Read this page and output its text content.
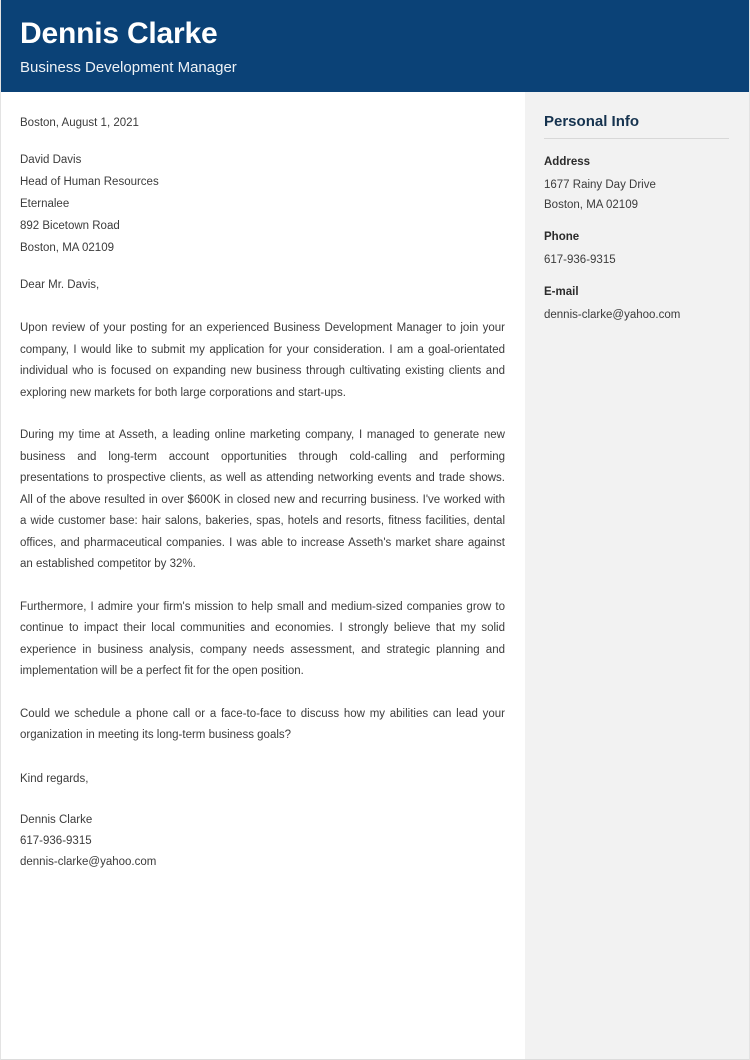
Dennis Clarke
Business Development Manager
Boston, August 1, 2021
David Davis
Head of Human Resources
Eternalee
892 Bicetown Road
Boston, MA 02109
Dear Mr. Davis,

Upon review of your posting for an experienced Business Development Manager to join your company, I would like to submit my application for your consideration. I am a goal-orientated individual who is focused on expanding new business through cultivating existing clients and exploring new markets for both large corporations and start-ups.

During my time at Asseth, a leading online marketing company, I managed to generate new business and long-term account opportunities through cold-calling and performing presentations to prospective clients, as well as attending networking events and trade shows. All of the above resulted in over $600K in closed new and recurring business. I've worked with a wide customer base: hair salons, bakeries, spas, hotels and resorts, fitness facilities, dental offices, and pharmaceutical companies. I was able to increase Asseth's market share against an established competitor by 32%.

Furthermore, I admire your firm's mission to help small and medium-sized companies grow to continue to impact their local communities and economies. I strongly believe that my solid experience in business analysis, company needs assessment, and strategic planning and implementation will be a perfect fit for the open position.

Could we schedule a phone call or a face-to-face to discuss how my abilities can lead your organization in meeting its long-term business goals?

Kind regards,
Dennis Clarke
617-936-9315
dennis-clarke@yahoo.com
Personal Info
Address
1677 Rainy Day Drive
Boston, MA 02109
Phone
617-936-9315
E-mail
dennis-clarke@yahoo.com
